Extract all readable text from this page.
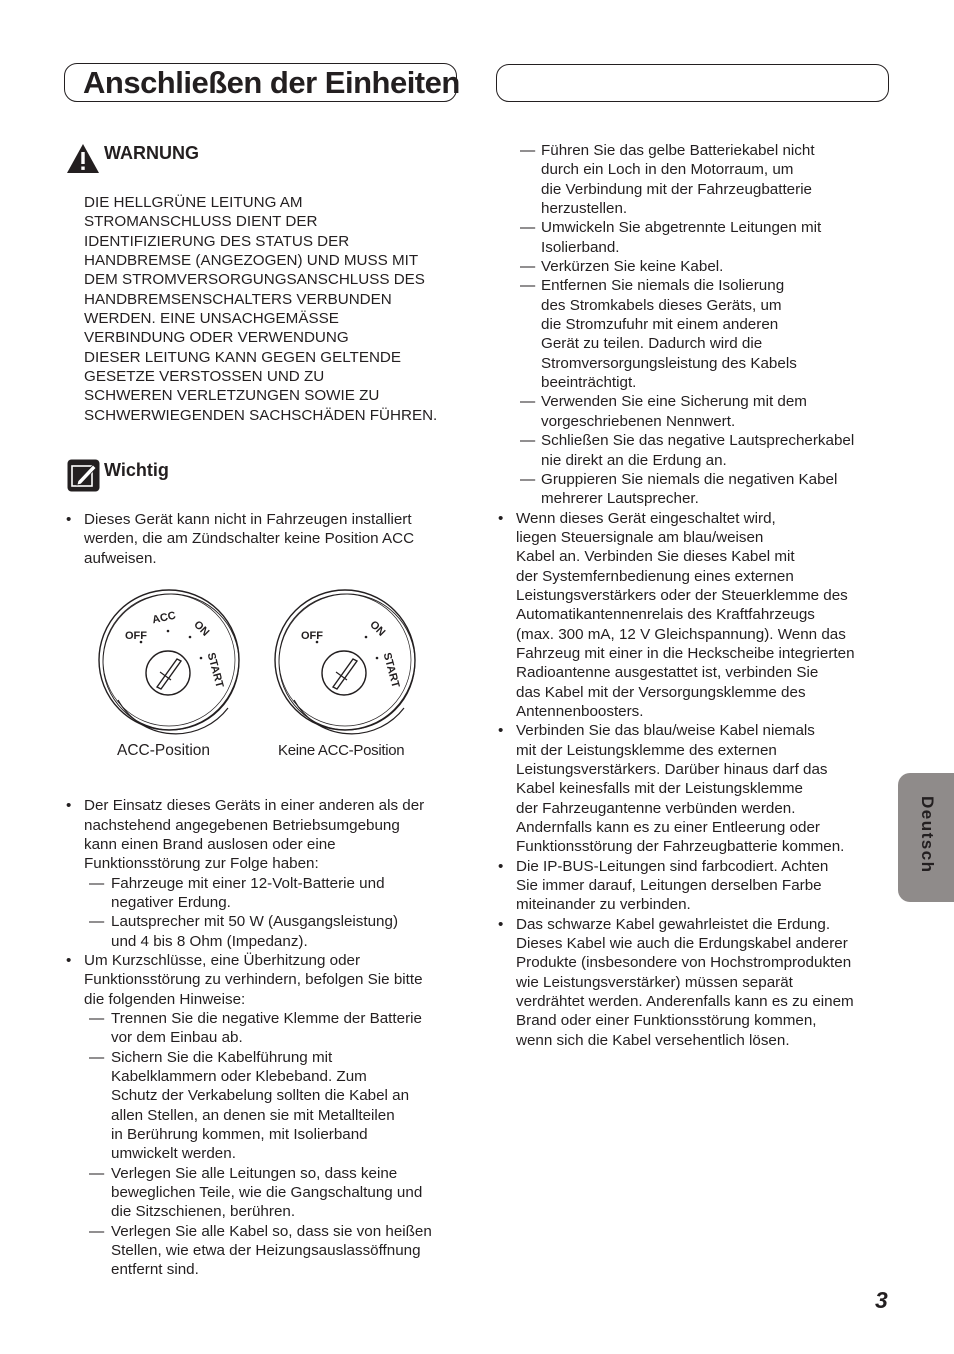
Anschließen der Einheiten
WARNUNG

DIE HELLGRÜNE LEITUNG AM

STROMANSCHLUSS DIENT DER

IDENTIFIZIERUNG DES STATUS DER

HANDBREMSE (ANGEZOGEN) UND MUSS MIT

DEM STROMVERSORGUNGSANSCHLUSS DES

HANDBREMSENSCHALTERS VERBUNDEN

WERDEN. EINE UNSACHGEMÄSSE

VERBINDUNG ODER VERWENDUNG

DIESER LEITUNG KANN GEGEN GELTENDE

GESETZE VERSTOSSEN UND ZU

SCHWEREN VERLETZUNGEN SOWIE ZU

SCHWERWIEGENDEN SACHSCHÄDEN FÜHREN.

Wichtig

• Dieses Gerät kann nicht in Fahrzeugen installiert

werden, die am Zündschalter keine Position ACC

aufweisen.

OFF
ACC
ON
START
OFF	ON
START
ACC-Position	Keine ACC-Position

• Der Einsatz dieses Geräts in einer anderen als der

nachstehend angegebenen Betriebsumgebung

kann einen Brand auslosen oder eine

Funktionsstörung zur Folge haben:

— Fahrzeuge mit einer 12-Volt-Batterie und

negativer Erdung.

— Lautsprecher mit 50 W (Ausgangsleistung)

und 4 bis 8 Ohm (Impedanz).

• Um Kurzschlüsse, eine Überhitzung oder

Funktionsstörung zu verhindern, befolgen Sie bitte

die folgenden Hinweise:

— Trennen Sie die negative Klemme der Batterie

vor dem Einbau ab.

— Sichern Sie die Kabelführung mit

Kabelklammern oder Klebeband. Zum

Schutz der Verkabelung sollten die Kabel an

allen Stellen, an denen sie mit Metallteilen

in Berührung kommen, mit Isolierband

umwickelt werden.

— Verlegen Sie alle Leitungen so, dass keine

beweglichen Teile, wie die Gangschaltung und

die Sitzschienen, berühren.

— Verlegen Sie alle Kabel so, dass sie von heißen

Stellen, wie etwa der Heizungsauslassöffnung

entfernt sind.

— Führen Sie das gelbe Batteriekabel nicht

durch ein Loch in den Motorraum, um

die Verbindung mit der Fahrzeugbatterie

herzustellen.

— Umwickeln Sie abgetrennte Leitungen mit

Isolierband.

— Verkürzen Sie keine Kabel.

— Entfernen Sie niemals die Isolierung

des Stromkabels dieses Geräts, um

die Stromzufuhr mit einem anderen

Gerät zu teilen. Dadurch wird die

Stromversorgungsleistung des Kabels

beeinträchtigt.

— Verwenden Sie eine Sicherung mit dem

vorgeschriebenen Nennwert.

— Schließen Sie das negative Lautsprecherkabel

nie direkt an die Erdung an.

— Gruppieren Sie niemals die negativen Kabel

mehrerer Lautsprecher.

• Wenn dieses Gerät eingeschaltet wird,

liegen Steuersignale am blau/weisen

Kabel an. Verbinden Sie dieses Kabel mit

der Systemfernbedienung eines externen

Leistungsverstärkers oder der Steuerklemme des

Automatikantennenrelais des Kraftfahrzeugs

(max. 300 mA, 12 V Gleichspannung). Wenn das

Fahrzeug mit einer in die Heckscheibe integrierten

Radioantenne ausgestattet ist, verbinden Sie

das Kabel mit der Versorgungsklemme des

Antennenboosters.

• Verbinden Sie das blau/weise Kabel niemals

mit der Leistungsklemme des externen

Leistungsverstärkers. Darüber hinaus darf das

Kabel keinesfalls mit der Leistungsklemme

der Fahrzeugantenne verbünden werden.

Andernfalls kann es zu einer Entleerung oder

Funktionsstörung der Fahrzeugbatterie kommen.

• Die IP-BUS-Leitungen sind farbcodiert. Achten

Sie immer darauf, Leitungen derselben Farbe

miteinander zu verbinden.

• Das schwarze Kabel gewahrleistet die Erdung.

Dieses Kabel wie auch die Erdungskabel anderer

Produkte (insbesondere von Hochstromprodukten

wie Leistungsverstärker) müssen separät

verdrähtet werden. Anderenfalls kann es zu einem

Brand oder einer Funktionsstörung kommen,

wenn sich die Kabel versehentlich lösen.

Deutsch
3
